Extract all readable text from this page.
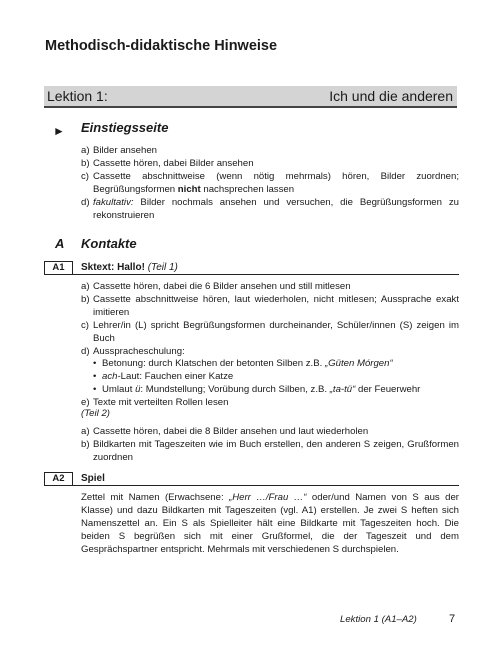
Methodisch-didaktische Hinweise
Lektion 1:	Ich und die anderen
► Einstiegsseite
a) Bilder ansehen
b) Cassette hören, dabei Bilder ansehen
c) Cassette abschnittweise (wenn nötig mehrmals) hören, Bilder zuordnen; Begrüßungsformen nicht nachsprechen lassen
d) fakultativ: Bilder nochmals ansehen und versuchen, die Begrüßungsformen zu rekonstruieren
A Kontakte
A1	Sktext: Hallo! (Teil 1)
a) Cassette hören, dabei die 6 Bilder ansehen und still mitlesen
b) Cassette abschnittweise hören, laut wiederholen, nicht mitlesen; Aussprache exakt imitieren
c) Lehrer/in (L) spricht Begrüßungsformen durcheinander, Schüler/innen (S) zeigen im Buch
d) Ausspracheschulung:
• Betonung: durch Klatschen der betonten Silben z.B. „Güten Mórgen“
• ach-Laut: Fauchen einer Katze
• Umlaut ü: Mundstellung; Vorübung durch Silben, z.B. „ta-tü“ der Feuerwehr
e) Texte mit verteilten Rollen lesen

(Teil 2)

a) Cassette hören, dabei die 8 Bilder ansehen und laut wiederholen
b) Bildkarten mit Tageszeiten wie im Buch erstellen, den anderen S zeigen, Grußformen zuordnen
A2	Spiel

Zettel mit Namen (Erwachsene: „Herr …/Frau …“ oder/und Namen von S aus der Klasse) und dazu Bildkarten mit Tageszeiten (vgl. A1) erstellen. Je zwei S heften sich Namenszettel an. Ein S als Spielleiter hält eine Bildkarte mit Tageszeiten hoch. Die beiden S begrüßen sich mit einer Grußformel, die der Tageszeit und dem Gesprächspartner entspricht. Mehrmals mit verschiedenen S durchspielen.

Lektion 1 (A1–A2)	7
